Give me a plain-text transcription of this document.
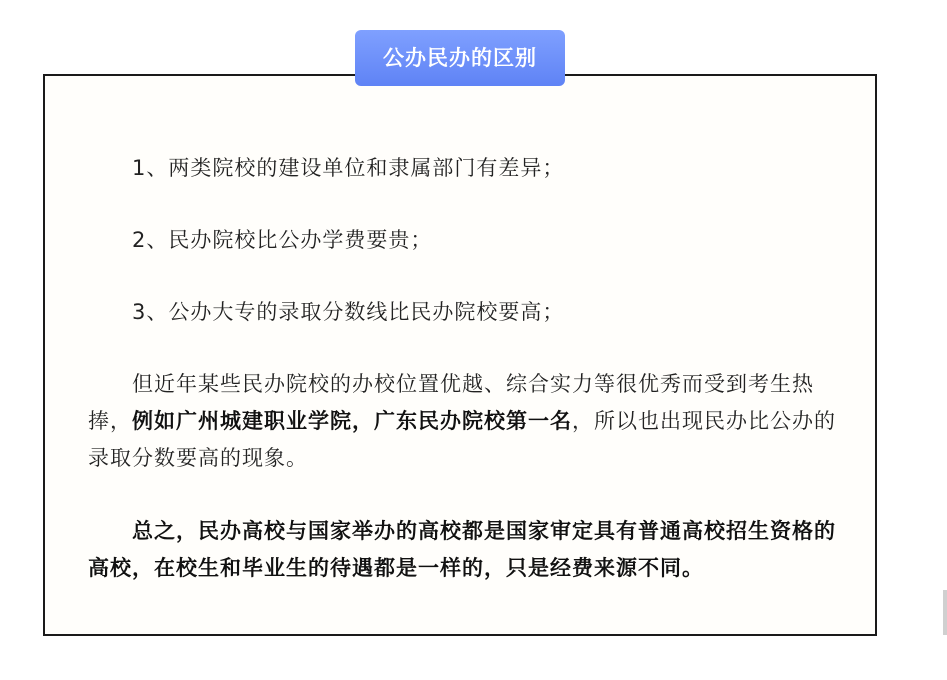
公办民办的区别

1、两类院校的建设单位和隶属部门有差异；

2、民办院校比公办学费要贵；

3、公办大专的录取分数线比民办院校要高；

但近年某些民办院校的办校位置优越、综合实力等很优秀而受到考生热捧，例如广州城建职业学院，广东民办院校第一名，所以也出现民办比公办的录取分数要高的现象。

总之，民办高校与国家举办的高校都是国家审定具有普通高校招生资格的高校，在校生和毕业生的待遇都是一样的，只是经费来源不同。
